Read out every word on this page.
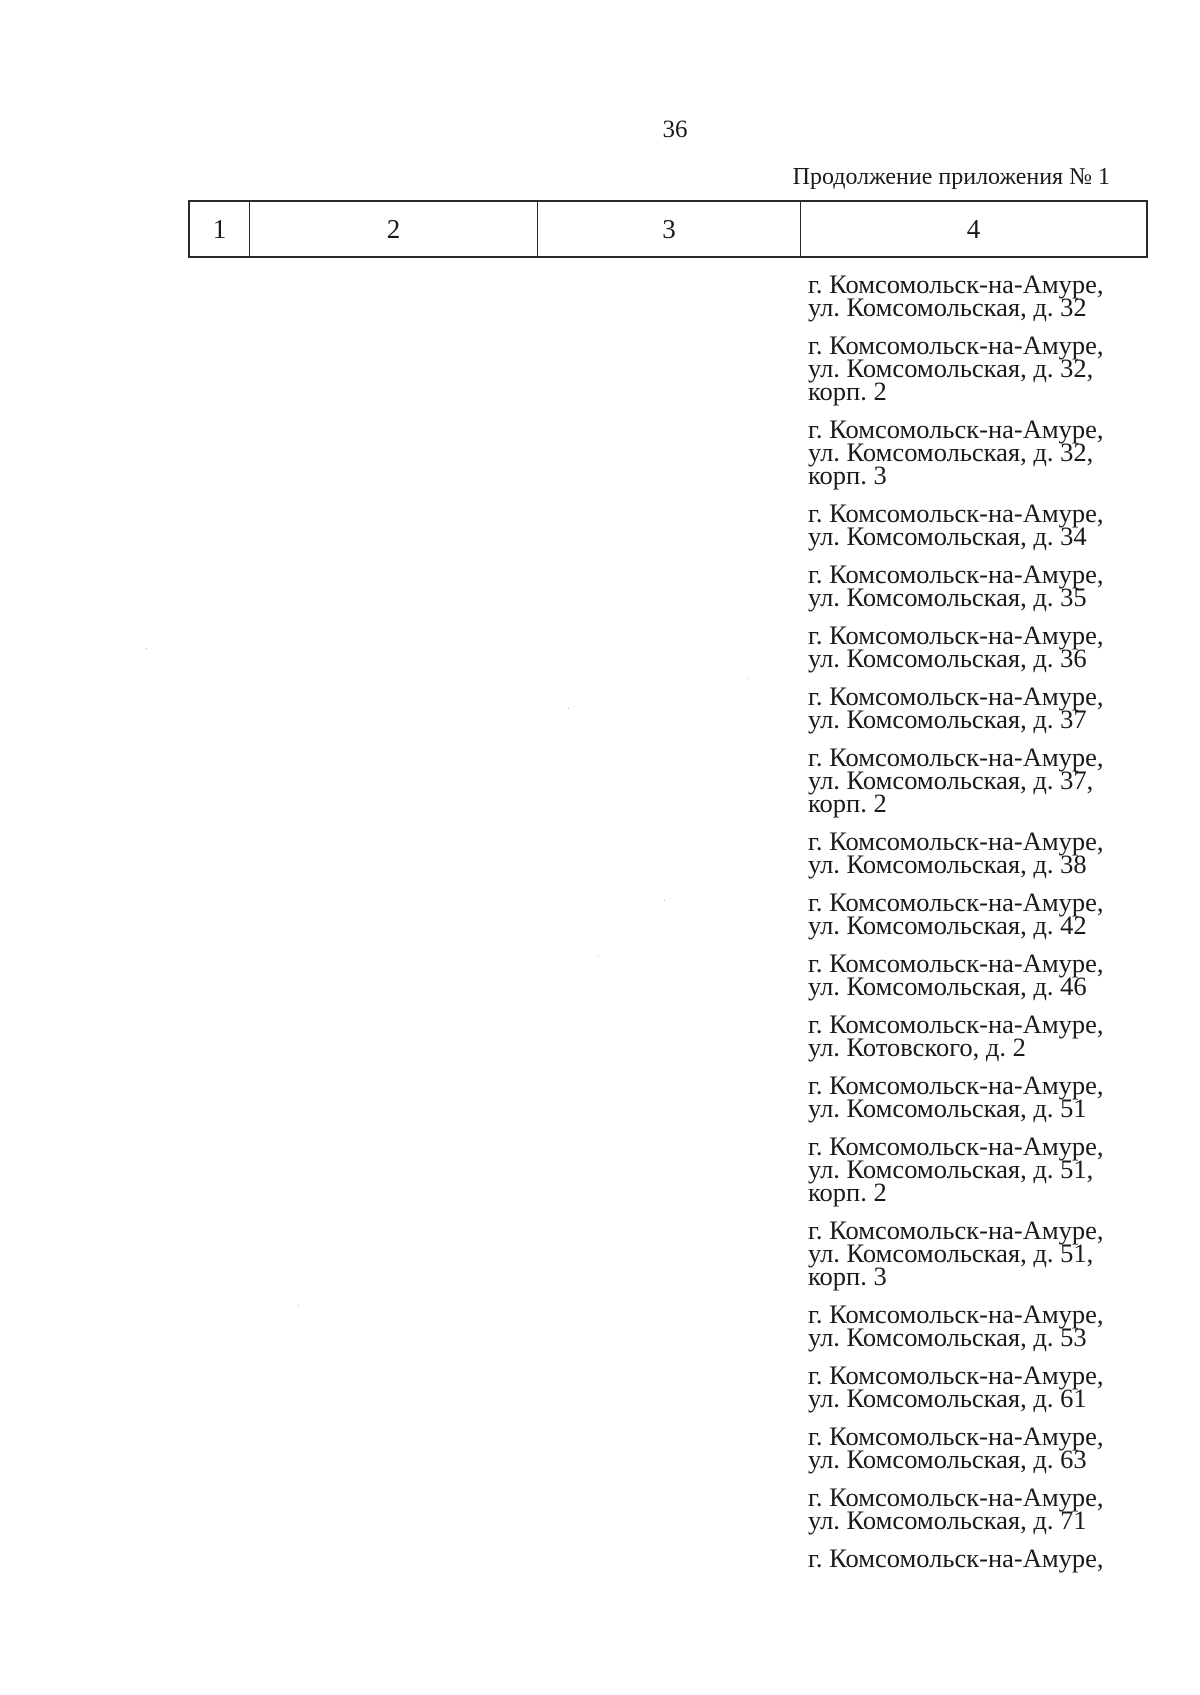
36
Продолжение приложения № 1
1	2	3	4
г. Комсомольск-на-Амуре,
ул. Комсомольская, д. 32
г. Комсомольск-на-Амуре,
ул. Комсомольская, д. 32,
корп. 2
г. Комсомольск-на-Амуре,
ул. Комсомольская, д. 32,
корп. 3
г. Комсомольск-на-Амуре,
ул. Комсомольская, д. 34
г. Комсомольск-на-Амуре,
ул. Комсомольская, д. 35
г. Комсомольск-на-Амуре,
ул. Комсомольская, д. 36
г. Комсомольск-на-Амуре,
ул. Комсомольская, д. 37
г. Комсомольск-на-Амуре,
ул. Комсомольская, д. 37,
корп. 2
г. Комсомольск-на-Амуре,
ул. Комсомольская, д. 38
г. Комсомольск-на-Амуре,
ул. Комсомольская, д. 42
г. Комсомольск-на-Амуре,
ул. Комсомольская, д. 46
г. Комсомольск-на-Амуре,
ул. Котовского, д. 2
г. Комсомольск-на-Амуре,
ул. Комсомольская, д. 51
г. Комсомольск-на-Амуре,
ул. Комсомольская, д. 51,
корп. 2
г. Комсомольск-на-Амуре,
ул. Комсомольская, д. 51,
корп. 3
г. Комсомольск-на-Амуре,
ул. Комсомольская, д. 53
г. Комсомольск-на-Амуре,
ул. Комсомольская, д. 61
г. Комсомольск-на-Амуре,
ул. Комсомольская, д. 63
г. Комсомольск-на-Амуре,
ул. Комсомольская, д. 71
г. Комсомольск-на-Амуре,
